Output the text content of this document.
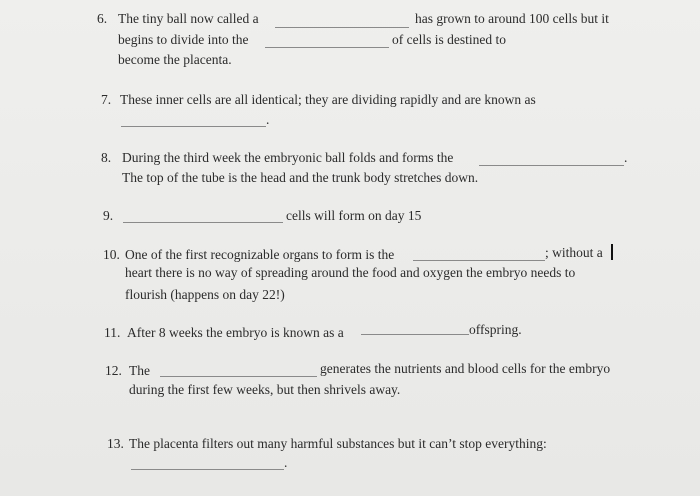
6. The tiny ball now called a	has grown to around 100 cells but it
begins to divide into the	of cells is destined to
become the placenta.
7. These inner cells are all identical; they are dividing rapidly and are known as
.
8. During the third week the embryonic ball folds and forms the	.
The top of the tube is the head and the trunk body stretches down.
9.	cells will form on day 15
10. One of the first recognizable organs to form is the	; without a
heart there is no way of spreading around the food and oxygen the embryo needs to
flourish (happens on day 22!)
11. After 8 weeks the embryo is known as a	offspring.
12. The	generates the nutrients and blood cells for the embryo
during the first few weeks, but then shrivels away.
13. The placenta filters out many harmful substances but it can’t stop everything:
.
